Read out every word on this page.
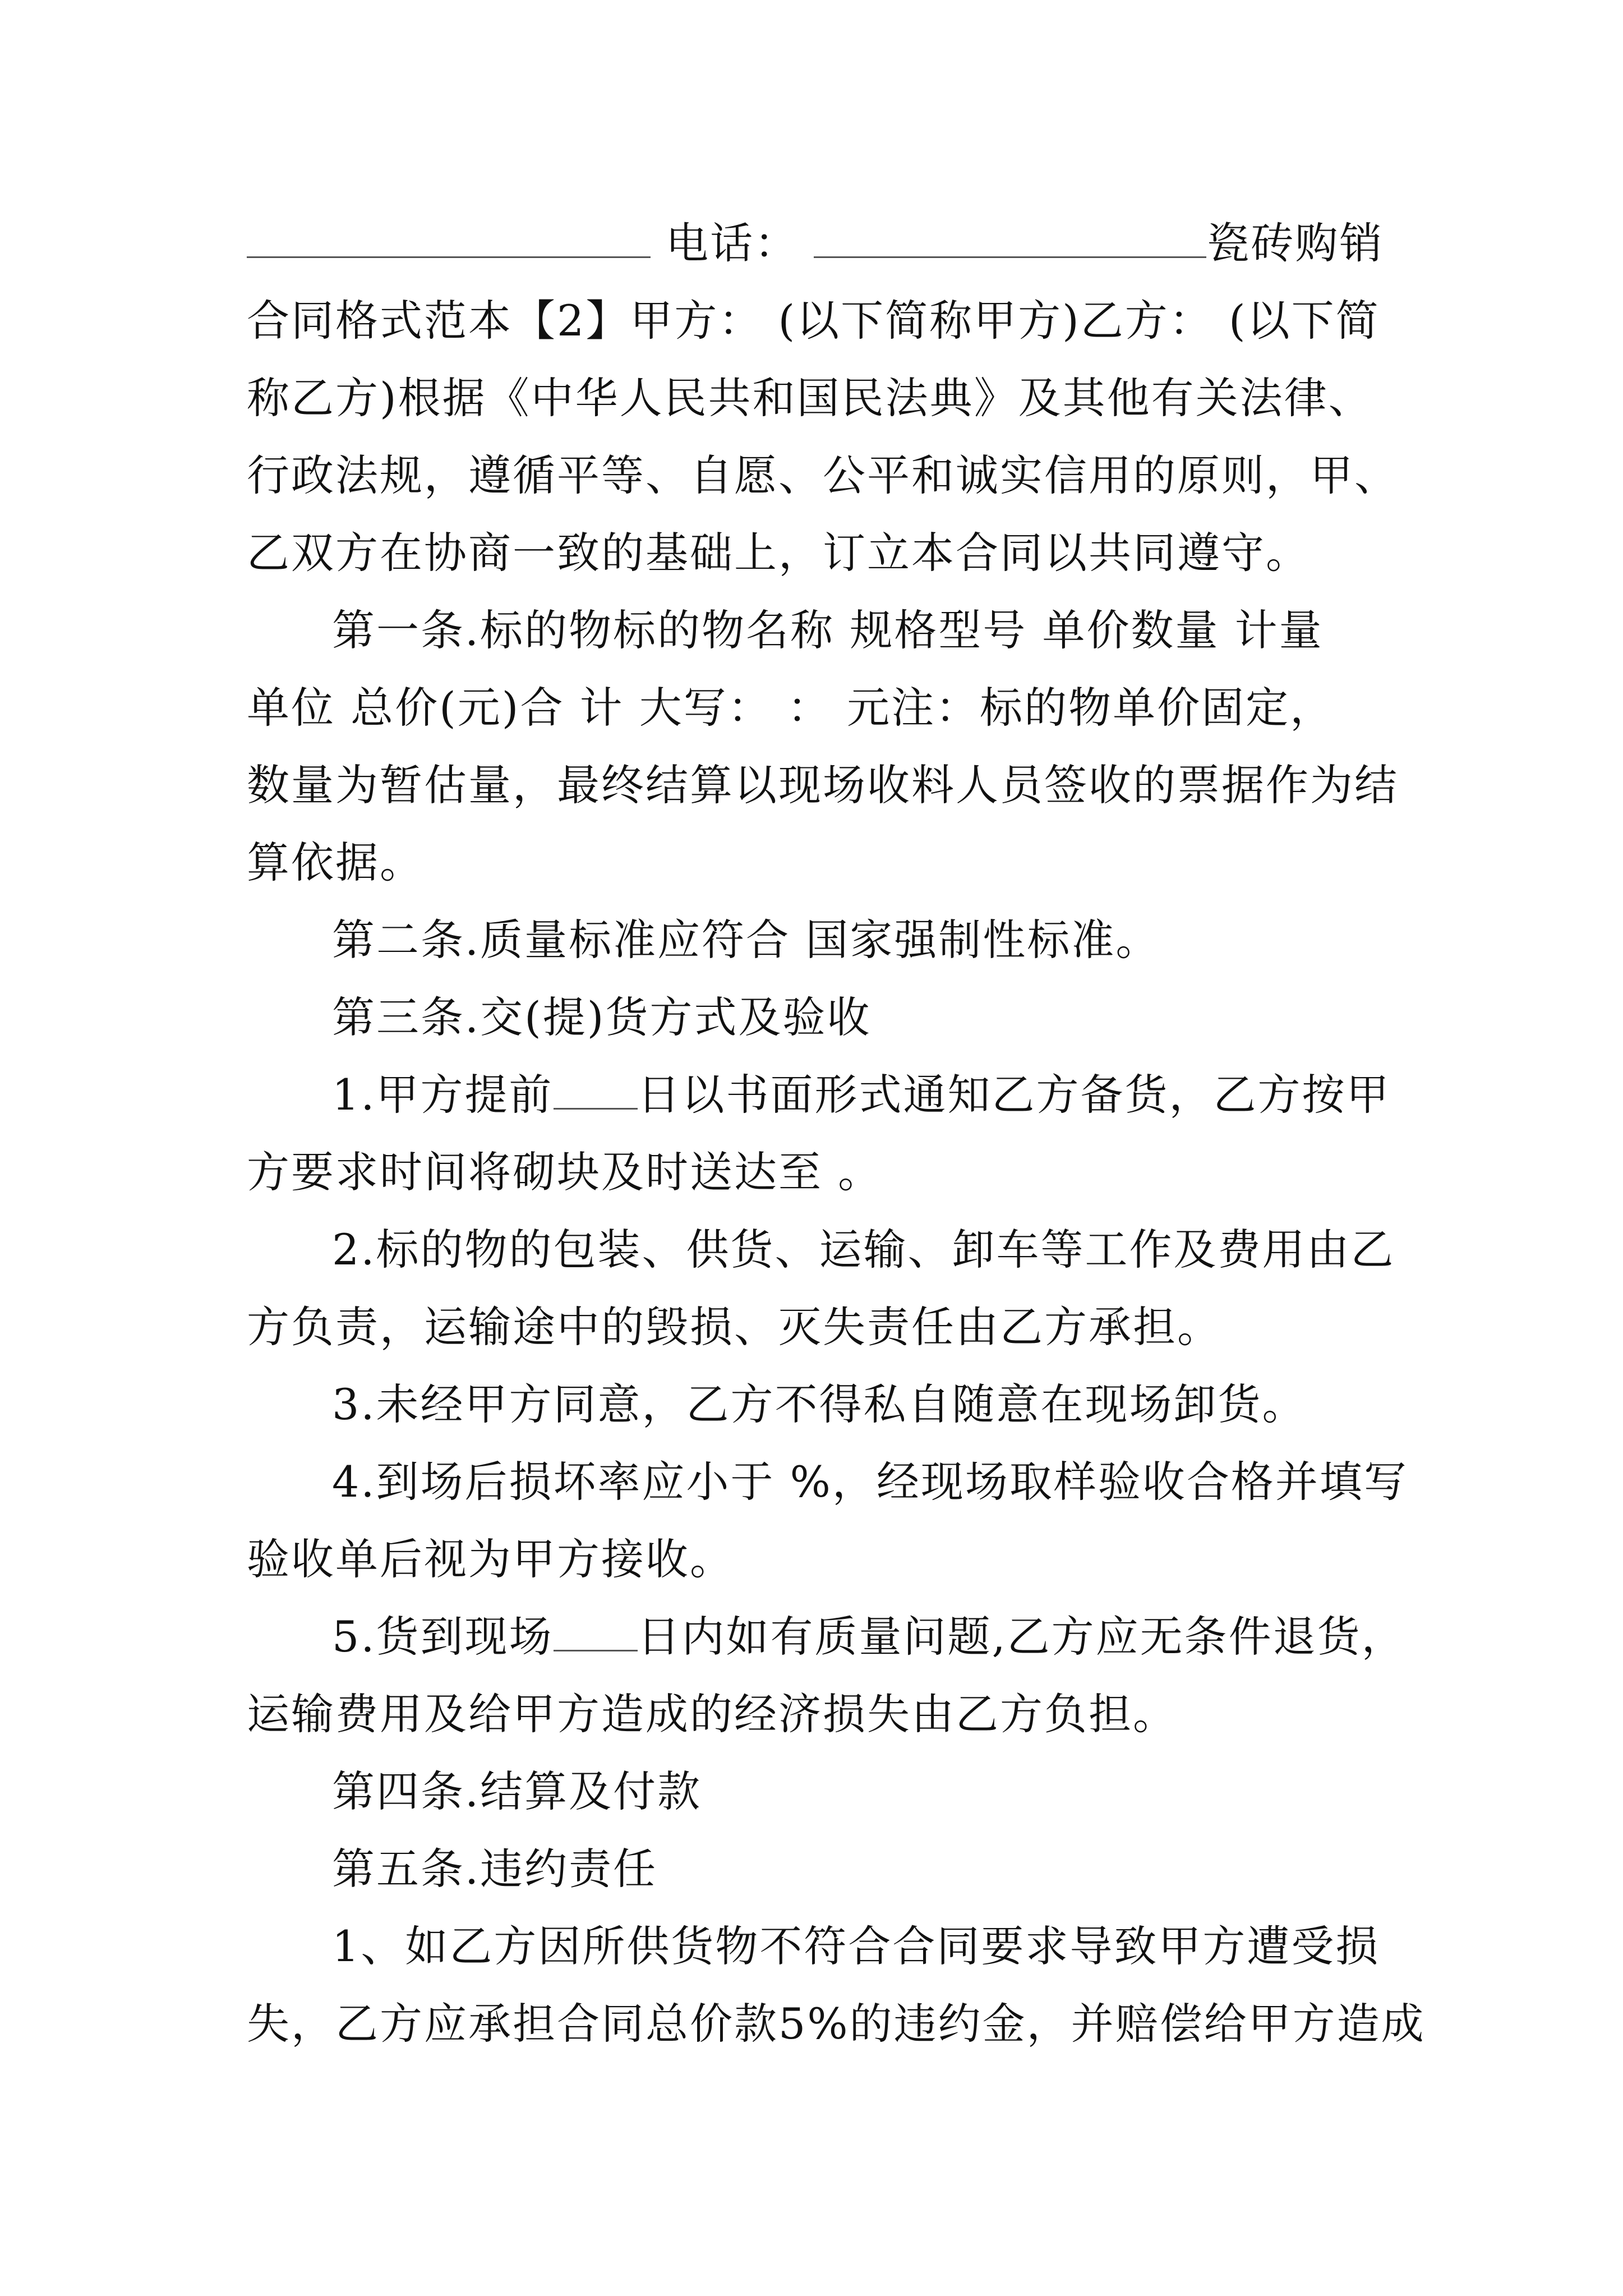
电话：	瓷砖购销
合同格式范本【2】甲方： (以下简称甲方)乙方： (以下简
称乙方)根据《中华人民共和国民法典》及其他有关法律、
行政法规，遵循平等、自愿、公平和诚实信用的原则，甲、
乙双方在协商一致的基础上，订立本合同以共同遵守。
第一条.标的物标的物名称 规格型号 单价数量 计量
单位 总价(元)合 计 大写： ： 元注：标的物单价固定，
数量为暂估量，最终结算以现场收料人员签收的票据作为结
算依据。
第二条.质量标准应符合 国家强制性标准。
第三条.交(提)货方式及验收
1.甲方提前 日以书面形式通知乙方备货，乙方按甲
方要求时间将砌块及时送达至 。
2.标的物的包装、供货、运输、卸车等工作及费用由乙
方负责，运输途中的毁损、灭失责任由乙方承担。
3.未经甲方同意，乙方不得私自随意在现场卸货。
4.到场后损坏率应小于 %，经现场取样验收合格并填写
验收单后视为甲方接收。
5.货到现场 日内如有质量问题,乙方应无条件退货，
运输费用及给甲方造成的经济损失由乙方负担。
第四条.结算及付款
第五条.违约责任
1、如乙方因所供货物不符合合同要求导致甲方遭受损
失，乙方应承担合同总价款5%的违约金，并赔偿给甲方造成
